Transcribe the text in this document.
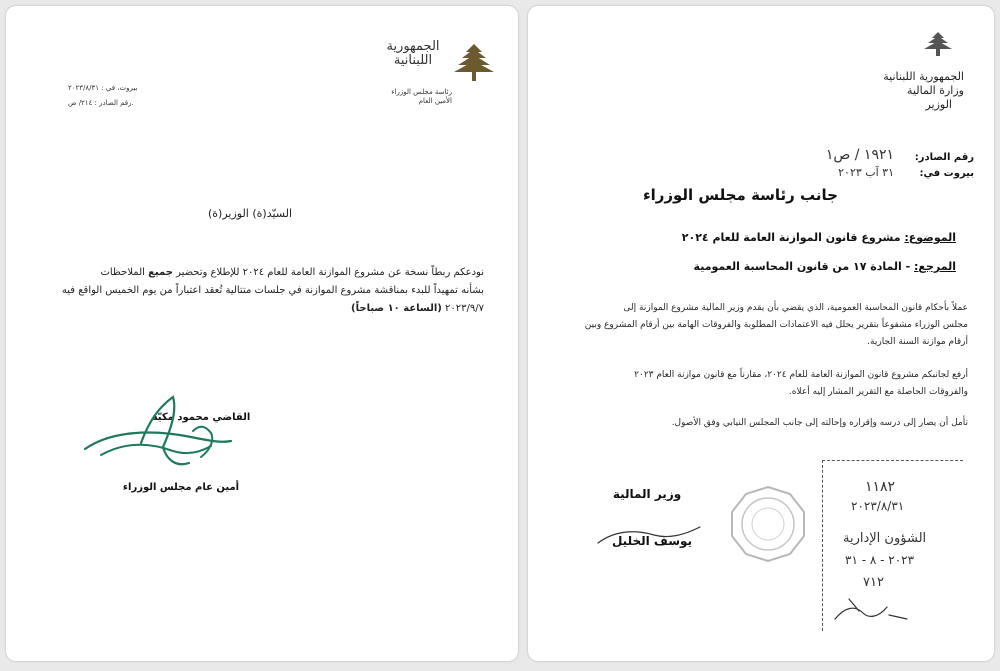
بيروت، في : ٢٠٢٣/٨/٣١
رقم الصادر : ٢١٤/ ص.
الجمهورية
اللبنانية
رئاسة مجلس الوزراء
الأمين العام
السيّد(ة) الوزير(ة)
نودعكم ربطاً نسخة عن مشروع الموازنة العامة للعام ٢٠٢٤ للإطلاع وتحضير جميع الملاحظات
بشأنه تمهيداً للبدء بمناقشة مشروع الموازنة في جلسات متتالية تُعقد اعتباراً من يوم الخميس الواقع فيه
٢٠٢٣/٩/٧ (الساعة ١٠ صباحاً)
القاضي محمود مكيّه
أمين عام مجلس الوزراء
الجمهورية اللبنانية
وزارة المالية
الوزير
رقم الصادر:
١٩٢١ / ص١
بيروت في:
٣١ آب ٢٠٢٣
جانب رئاسة مجلس الوزراء
الموضوع: مشروع قانون الموازنة العامة للعام ٢٠٢٤
المرجع: - المادة ١٧ من قانون المحاسبة العمومية
عملاً بأحكام قانون المحاسبة العمومية، الذي يقضي بأن يقدم وزير المالية مشروع الموازنة إلى
مجلس الوزراء مشفوعاً بتقرير يحلل فيه الاعتمادات المطلوبة والفروقات الهامة بين أرقام المشروع وبين
أرقام موازنة السنة الجارية.
أرفع لجانبكم مشروع قانون الموازنة العامة للعام ٢٠٢٤، مقارناً مع قانون موازنة العام ٢٠٢٣
والفروقات الحاصلة مع التقرير المشار إليه أعلاه.
تأمل أن يصار إلى درسه وإقراره وإحالته إلى جانب المجلس النيابي وفق الأصول.
وزير المالية
يوسف الخليل
١١٨٢
٢٠٢٣/٨/٣١
الشؤون الإدارية
٢٠٢٣ - ٨ - ٣١
٧١٢
